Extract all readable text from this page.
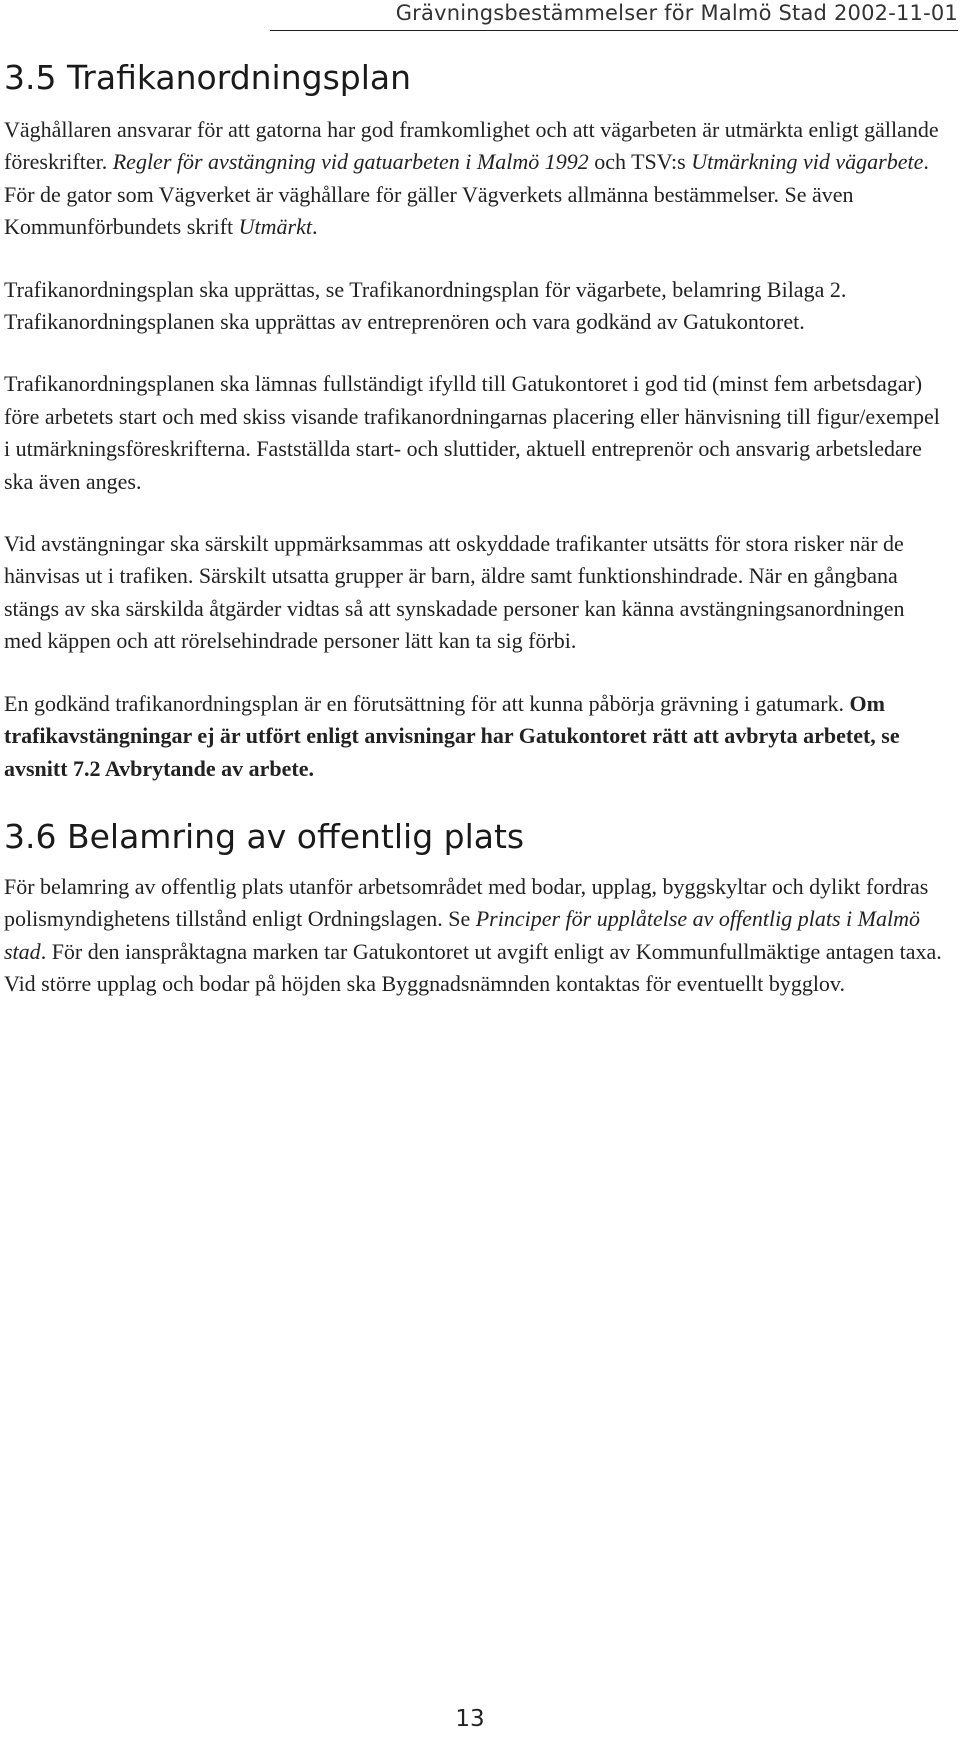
Grävningsbestämmelser för Malmö Stad 2002-11-01
3.5 Trafikanordningsplan

Väghållaren ansvarar för att gatorna har god framkomlighet och att vägarbeten är utmärkta enligt gällande föreskrifter. Regler för avstängning vid gatuarbeten i Malmö 1992 och TSV:s Utmärkning vid vägarbete. För de gator som Vägverket är väghållare för gäller Vägverkets allmänna bestämmelser. Se även Kommunförbundets skrift Utmärkt.

Trafikanordningsplan ska upprättas, se Trafikanordningsplan för vägarbete, belamring Bilaga 2. Trafikanordningsplanen ska upprättas av entreprenören och vara godkänd av Gatukontoret.

Trafikanordningsplanen ska lämnas fullständigt ifylld till Gatukontoret i god tid (minst fem arbetsdagar) före arbetets start och med skiss visande trafikanordningarnas placering eller hänvisning till figur/exempel i utmärkningsföreskrifterna. Fastställda start- och sluttider, aktuell entreprenör och ansvarig arbetsledare ska även anges.

Vid avstängningar ska särskilt uppmärksammas att oskyddade trafikanter utsätts för stora risker när de hänvisas ut i trafiken. Särskilt utsatta grupper är barn, äldre samt funktionshindrade. När en gångbana stängs av ska särskilda åtgärder vidtas så att synskadade personer kan känna avstängningsanordningen med käppen och att rörelsehindrade personer lätt kan ta sig förbi.

En godkänd trafikanordningsplan är en förutsättning för att kunna påbörja grävning i gatumark. Om trafikavstängningar ej är utfört enligt anvisningar har Gatukontoret rätt att avbryta arbetet, se avsnitt 7.2 Avbrytande av arbete.

3.6 Belamring av offentlig plats

För belamring av offentlig plats utanför arbetsområdet med bodar, upplag, byggskyltar och dylikt fordras polismyndighetens tillstånd enligt Ordningslagen. Se Principer för upplåtelse av offentlig plats i Malmö stad. För den ianspråktagna marken tar Gatukontoret ut avgift enligt av Kommunfullmäktige antagen taxa. Vid större upplag och bodar på höjden ska Byggnadsnämnden kontaktas för eventuellt bygglov.

13
